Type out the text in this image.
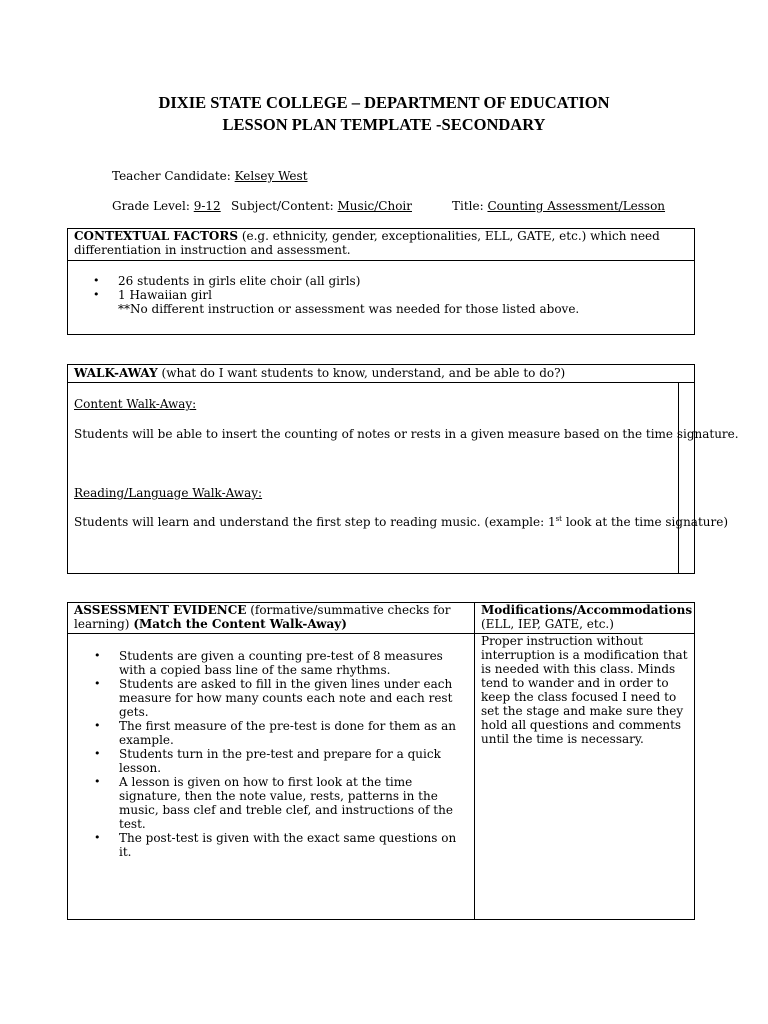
DIXIE STATE COLLEGE – DEPARTMENT OF EDUCATION
LESSON PLAN TEMPLATE -SECONDARY
Teacher Candidate: Kelsey West
Grade Level: 9-12 Subject/Content: Music/Choir	Title: Counting Assessment/Lesson
CONTEXTUAL FACTORS (e.g. ethnicity, gender, exceptionalities, ELL, GATE, etc.) which need
differentiation in instruction and assessment.
• 26 students in girls elite choir (all girls)
• 1 Hawaiian girl
**No different instruction or assessment was needed for those listed above.
WALK-AWAY (what do I want students to know, understand, and be able to do?)
Content Walk-Away:
Students will be able to insert the counting of notes or rests in a given measure based on the time signature.
Reading/Language Walk-Away:
Students will learn and understand the first step to reading music. (example: 1st look at the time signature)
ASSESSMENT EVIDENCE (formative/summative checks for
learning) (Match the Content Walk-Away)
• Students are given a counting pre-test of 8 measures with a copied bass line of the same rhythms.
• Students are asked to fill in the given lines under each measure for how many counts each note and each rest gets.
• The first measure of the pre-test is done for them as an example.
• Students turn in the pre-test and prepare for a quick lesson.
• A lesson is given on how to first look at the time signature, then the note value, rests, patterns in the music, bass clef and treble clef, and instructions of the test.
• The post-test is given with the exact same questions on it.
Modifications/Accommodations
(ELL, IEP, GATE, etc.)
Proper instruction without interruption is a modification that is needed with this class. Minds tend to wander and in order to keep the class focused I need to set the stage and make sure they hold all questions and comments until the time is necessary.
